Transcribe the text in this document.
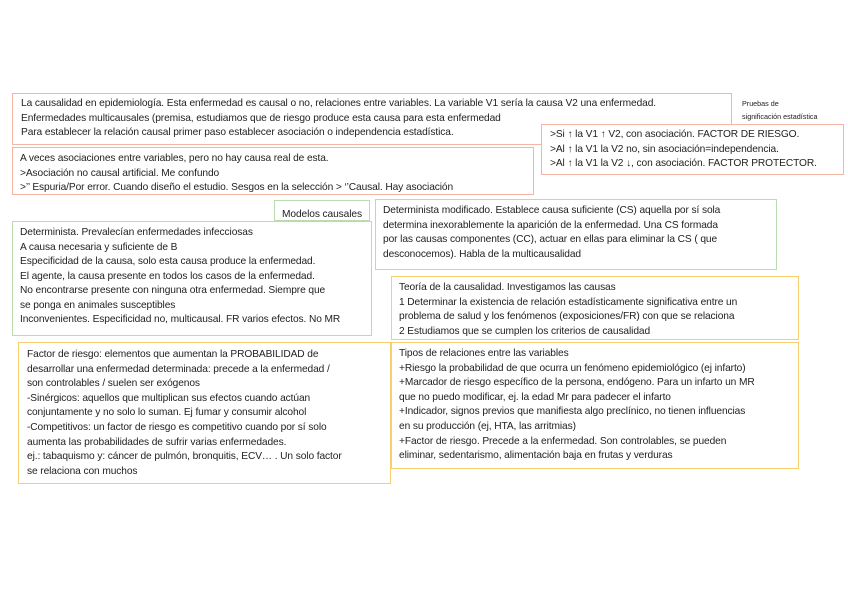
La causalidad en epidemiología. Esta enfermedad es causal o no, relaciones entre variables. La variable V1 sería la causa V2 una enfermedad.
Enfermedades multicausales (premisa, estudiamos que de riesgo produce esta causa para esta enfermedad
Para establecer la relación causal primer paso establecer asociación o independencia estadística.
Pruebas de
significación estadística
>Si ↑ la V1 ↑ V2, con asociación. FACTOR DE RIESGO.
>Al ↑ la V1 la V2 no, sin asociación=independencia.
>Al ↑ la V1 la V2 ↓, con asociación. FACTOR PROTECTOR.
A veces asociaciones entre variables, pero no hay causa real de esta.
>Asociación no causal artificial. Me confundo
>’’ Espuria/Por error. Cuando diseño el estudio. Sesgos en la selección > ‘’Causal. Hay asociación
Modelos causales	Determinista modificado. Establece causa suficiente (CS) aquella por sí sola
determina inexorablemente la aparición de la enfermedad. Una CS formada
por las causas componentes (CC), actuar en ellas para eliminar la CS ( que
desconocemos). Habla de la multicausalidad
Determinista. Prevalecían enfermedades infecciosas
A causa necesaria y suficiente de B
Especificidad de la causa, solo esta causa produce la enfermedad.
El agente, la causa presente en todos los casos de la enfermedad.
No encontrarse presente con ninguna otra enfermedad. Siempre que
se ponga en animales susceptibles
Inconvenientes. Especificidad no, multicausal. FR varios efectos. No MR
Teoría de la causalidad. Investigamos las causas
1 Determinar la existencia de relación estadísticamente significativa entre un
problema de salud y los fenómenos (exposiciones/FR) con que se relaciona
2 Estudiamos que se cumplen los criterios de causalidad
Factor de riesgo: elementos que aumentan la PROBABILIDAD de
desarrollar una enfermedad determinada: precede a la enfermedad /
son controlables / suelen ser exógenos
-Sinérgicos: aquellos que multiplican sus efectos cuando actúan
conjuntamente y no solo lo suman. Ej fumar y consumir alcohol
-Competitivos: un factor de riesgo es competitivo cuando por sí solo
aumenta las probabilidades de sufrir varias enfermedades.
ej.: tabaquismo y: cáncer de pulmón, bronquitis, ECV… . Un solo factor
se relaciona con muchos
Tipos de relaciones entre las variables
+Riesgo la probabilidad de que ocurra un fenómeno epidemiológico (ej infarto)
+Marcador de riesgo específico de la persona, endógeno. Para un infarto un MR
que no puedo modificar, ej. la edad Mr para padecer el infarto
+Indicador, signos previos que manifiesta algo preclínico, no tienen influencias
en su producción (ej, HTA, las arritmias)
+Factor de riesgo. Precede a la enfermedad. Son controlables, se pueden
eliminar, sedentarismo, alimentación baja en frutas y verduras
